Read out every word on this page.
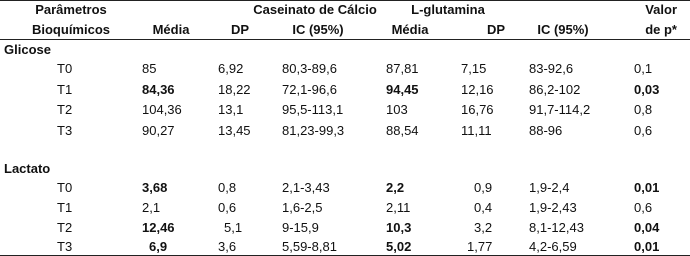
Parâmetros	Caseinato de Cálcio	L-glutamina	Valor
Bioquímicos	Média	DP	IC (95%)	Média	DP IC (95%)	de p*
Glicose
T0	85	6,92	80,3-89,6	87,81	7,15	83-92,6	0,1
T1	84,36	18,22 72,1-96,6	94,45	12,16	86,2-102	0,03
T2	104,36	13,1	95,5-113,1	103	16,76	91,7-114,2	0,8
T3	90,27	13,45 81,23-99,3	88,54	11,11	88-96	0,6
Lactato
T0	3,68	0,8	2,1-3,43	2,2	0,9	1,9-2,4	0,01
T1	2,1	0,6	1,6-2,5	2,11	0,4	1,9-2,43	0,6
T2	12,46	5,1	9-15,9	10,3	3,2	8,1-12,43	0,04
T3	6,9	3,6	5,59-8,81	5,02	1,77	4,2-6,59	0,01
